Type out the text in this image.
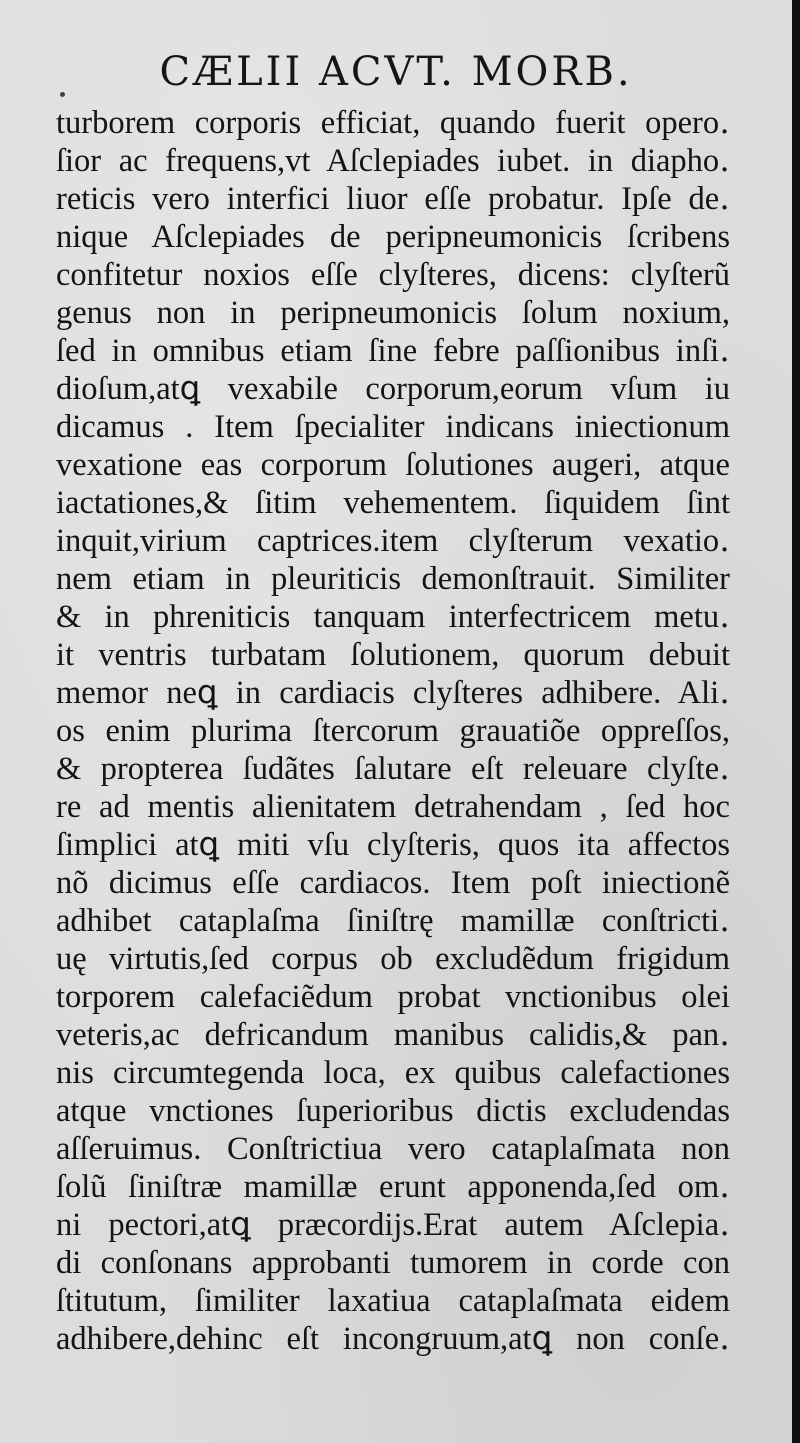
CÆLII ACVT. MORB.
turborem corporis efficiat, quando fuerit opero․
ſior ac frequens,vt Aſclepiades iubet. in diapho․
reticis vero interfici liuor eſſe probatur. Ipſe de․
nique Aſclepiades de peripneumonicis ſcribens
confitetur noxios eſſe clyſteres, dicens: clyſterũ
genus non in peripneumonicis ſolum noxium,
ſed in omnibus etiam ſine febre paſſionibus inſi․
dioſum,atꝗ vexabile corporum,eorum vſum iu
dicamus . Item ſpecialiter indicans iniectionum
vexatione eas corporum ſolutiones augeri, atque
iactationes,& ſitim vehementem. ſiquidem ſint
inquit,virium captrices.item clyſterum vexatio․
nem etiam in pleuriticis demonſtrauit. Similiter
& in phreniticis tanquam interfectricem metu․
it ventris turbatam ſolutionem, quorum debuit
memor neꝗ in cardiacis clyſteres adhibere. Ali․
os enim plurima ſtercorum grauatiõe oppreſſos,
& propterea ſudãtes ſalutare eſt releuare clyſte․
re ad mentis alienitatem detrahendam , ſed hoc
ſimplici atꝗ miti vſu clyſteris, quos ita affectos
nõ dicimus eſſe cardiacos. Item poſt iniectionẽ
adhibet cataplaſma ſiniſtrę mamillæ conſtricti․
uę virtutis,ſed corpus ob excludẽdum frigidum
torporem calefaciẽdum probat vnctionibus olei
veteris,ac defricandum manibus calidis,& pan․
nis circumtegenda loca, ex quibus calefactiones
atque vnctiones ſuperioribus dictis excludendas
aſſeruimus. Conſtrictiua vero cataplaſmata non
ſolũ ſiniſtræ mamillæ erunt apponenda,ſed om․
ni pectori,atꝗ præcordijs.Erat autem Aſclepia․
di conſonans approbanti tumorem in corde con
ſtitutum, ſimiliter laxatiua cataplaſmata eidem
adhibere,dehinc eſt incongruum,atꝗ non conſe․
